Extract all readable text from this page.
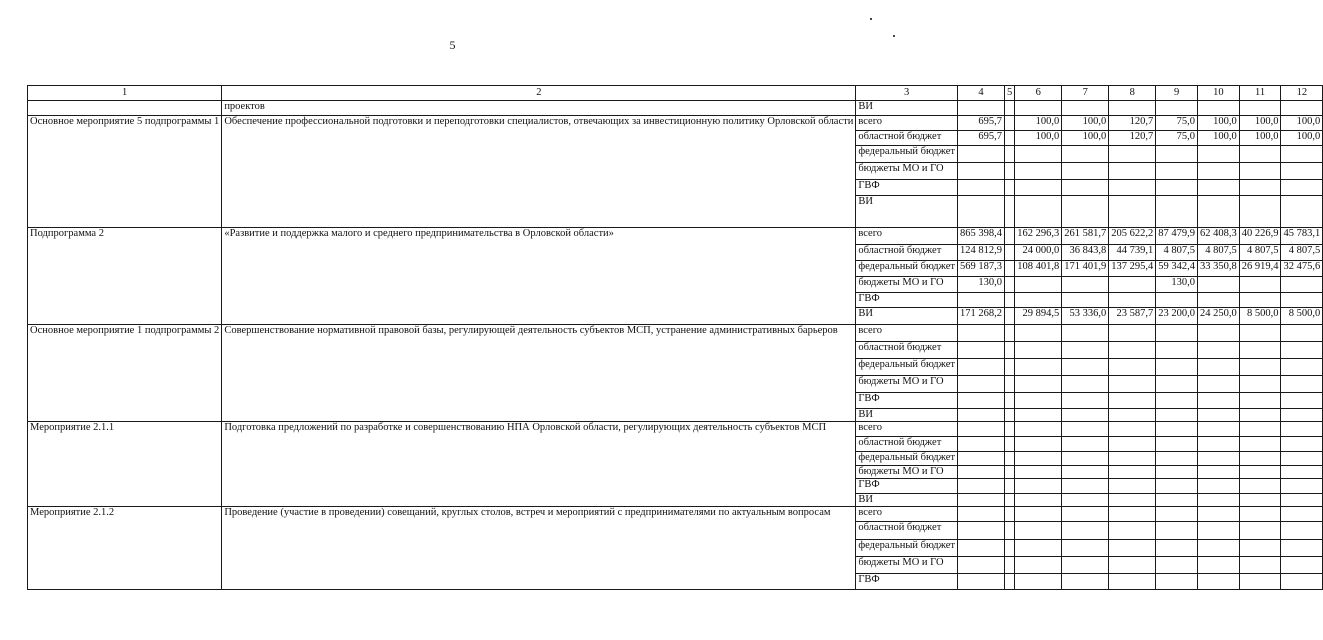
5
1	2	3	4	5	6	7	8	9	10	11	12
	проектов	ВИ									
Основное мероприятие 5 подпрограммы 1	Обеспечение профессиональной подготовки и переподготовки специалистов, отвечающих за инвестиционную политику Орловской области	всего	695,7		100,0	100,0	120,7	75,0	100,0	100,0	100,0
		областной бюджет	695,7		100,0	100,0	120,7	75,0	100,0	100,0	100,0
		федеральный бюджет									
		бюджеты МО и ГО									
		ГВФ									
		ВИ									
Подпрограмма 2	«Развитие и поддержка малого и среднего предпринимательства в Орловской области»	всего	865 398,4		162 296,3	261 581,7	205 622,2	87 479,9	62 408,3	40 226,9	45 783,1
		областной бюджет	124 812,9		24 000,0	36 843,8	44 739,1	4 807,5	4 807,5	4 807,5	4 807,5
		федеральный бюджет	569 187,3		108 401,8	171 401,9	137 295,4	59 342,4	33 350,8	26 919,4	32 475,6
		бюджеты МО и ГО	130,0					130,0			
		ГВФ									
		ВИ	171 268,2		29 894,5	53 336,0	23 587,7	23 200,0	24 250,0	8 500,0	8 500,0
Основное мероприятие 1 подпрограммы 2	Совершенствование нормативной правовой базы, регулирующей деятельность субъектов МСП, устранение административных барьеров	всего									
		областной бюджет									
		федеральный бюджет									
		бюджеты МО и ГО									
		ГВФ									
		ВИ									
Мероприятие 2.1.1	Подготовка предложений по разработке и совершенствованию НПА Орловской области, регулирующих деятельность субъектов МСП	всего									
		областной бюджет									
		федеральный бюджет									
		бюджеты МО и ГО									
		ГВФ									
		ВИ									
Мероприятие 2.1.2	Проведение (участие в проведении) совещаний, круглых столов, встреч и мероприятий с предпринимателями по актуальным вопросам	всего									
		областной бюджет									
		федеральный бюджет									
		бюджеты МО и ГО									
		ГВФ									
